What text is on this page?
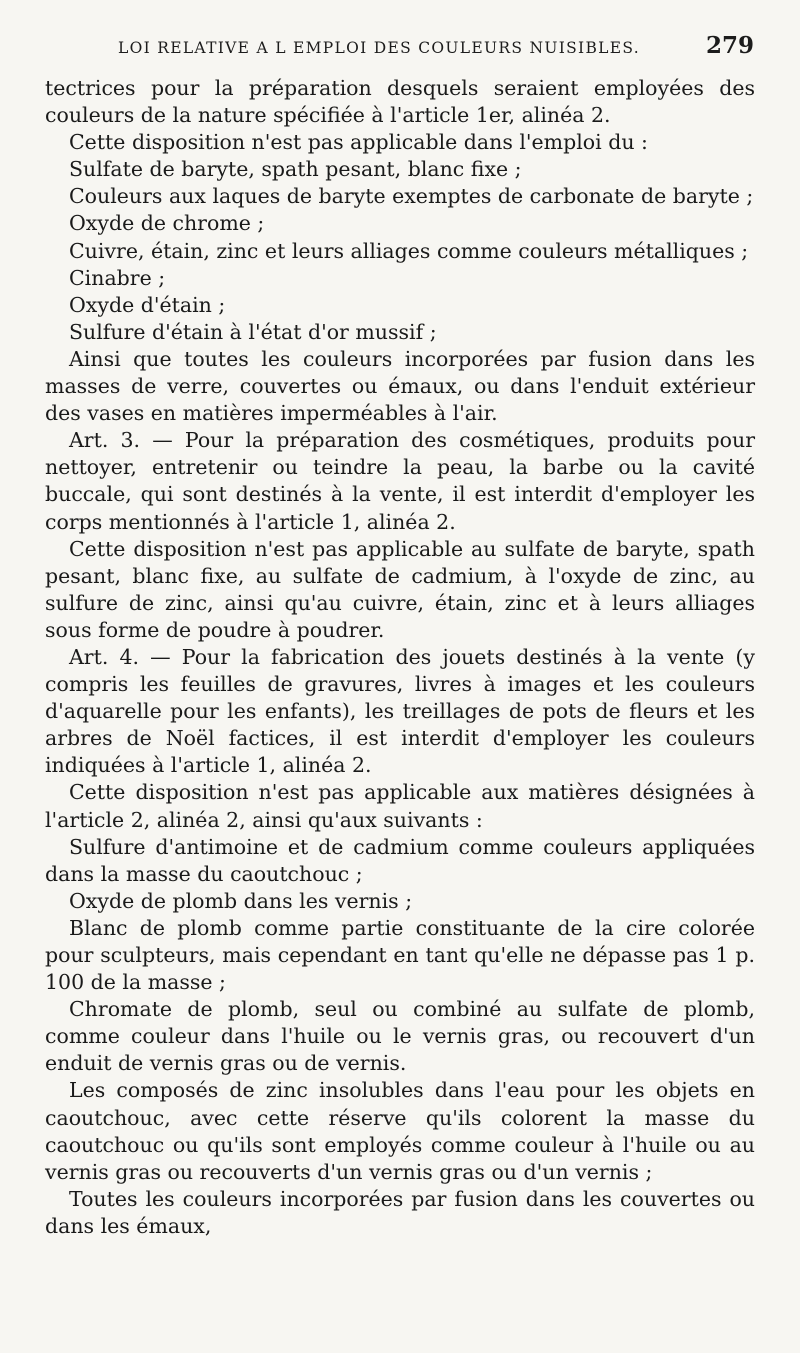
LOI RELATIVE A L EMPLOI DES COULEURS NUISIBLES.	279

tectrices pour la préparation desquels seraient employées des couleurs de la nature spécifiée à l'article 1er, alinéa 2.

Cette disposition n'est pas applicable dans l'emploi du :

Sulfate de baryte, spath pesant, blanc fixe ;

Couleurs aux laques de baryte exemptes de carbonate de baryte ;

Oxyde de chrome ;

Cuivre, étain, zinc et leurs alliages comme couleurs métalliques ;

Cinabre ;

Oxyde d'étain ;

Sulfure d'étain à l'état d'or mussif ;

Ainsi que toutes les couleurs incorporées par fusion dans les masses de verre, couvertes ou émaux, ou dans l'enduit extérieur des vases en matières imperméables à l'air.

Art. 3. — Pour la préparation des cosmétiques, produits pour nettoyer, entretenir ou teindre la peau, la barbe ou la cavité buccale, qui sont destinés à la vente, il est interdit d'employer les corps mentionnés à l'article 1, alinéa 2.

Cette disposition n'est pas applicable au sulfate de baryte, spath pesant, blanc fixe, au sulfate de cadmium, à l'oxyde de zinc, au sulfure de zinc, ainsi qu'au cuivre, étain, zinc et à leurs alliages sous forme de poudre à poudrer.

Art. 4. — Pour la fabrication des jouets destinés à la vente (y compris les feuilles de gravures, livres à images et les couleurs d'aquarelle pour les enfants), les treillages de pots de fleurs et les arbres de Noël factices, il est interdit d'employer les couleurs indiquées à l'article 1, alinéa 2.

Cette disposition n'est pas applicable aux matières désignées à l'article 2, alinéa 2, ainsi qu'aux suivants :

Sulfure d'antimoine et de cadmium comme couleurs appliquées dans la masse du caoutchouc ;

Oxyde de plomb dans les vernis ;

Blanc de plomb comme partie constituante de la cire colorée pour sculpteurs, mais cependant en tant qu'elle ne dépasse pas 1 p. 100 de la masse ;

Chromate de plomb, seul ou combiné au sulfate de plomb, comme couleur dans l'huile ou le vernis gras, ou recouvert d'un enduit de vernis gras ou de vernis.

Les composés de zinc insolubles dans l'eau pour les objets en caoutchouc, avec cette réserve qu'ils colorent la masse du caoutchouc ou qu'ils sont employés comme couleur à l'huile ou au vernis gras ou recouverts d'un vernis gras ou d'un vernis ;

Toutes les couleurs incorporées par fusion dans les couvertes ou dans les émaux,
